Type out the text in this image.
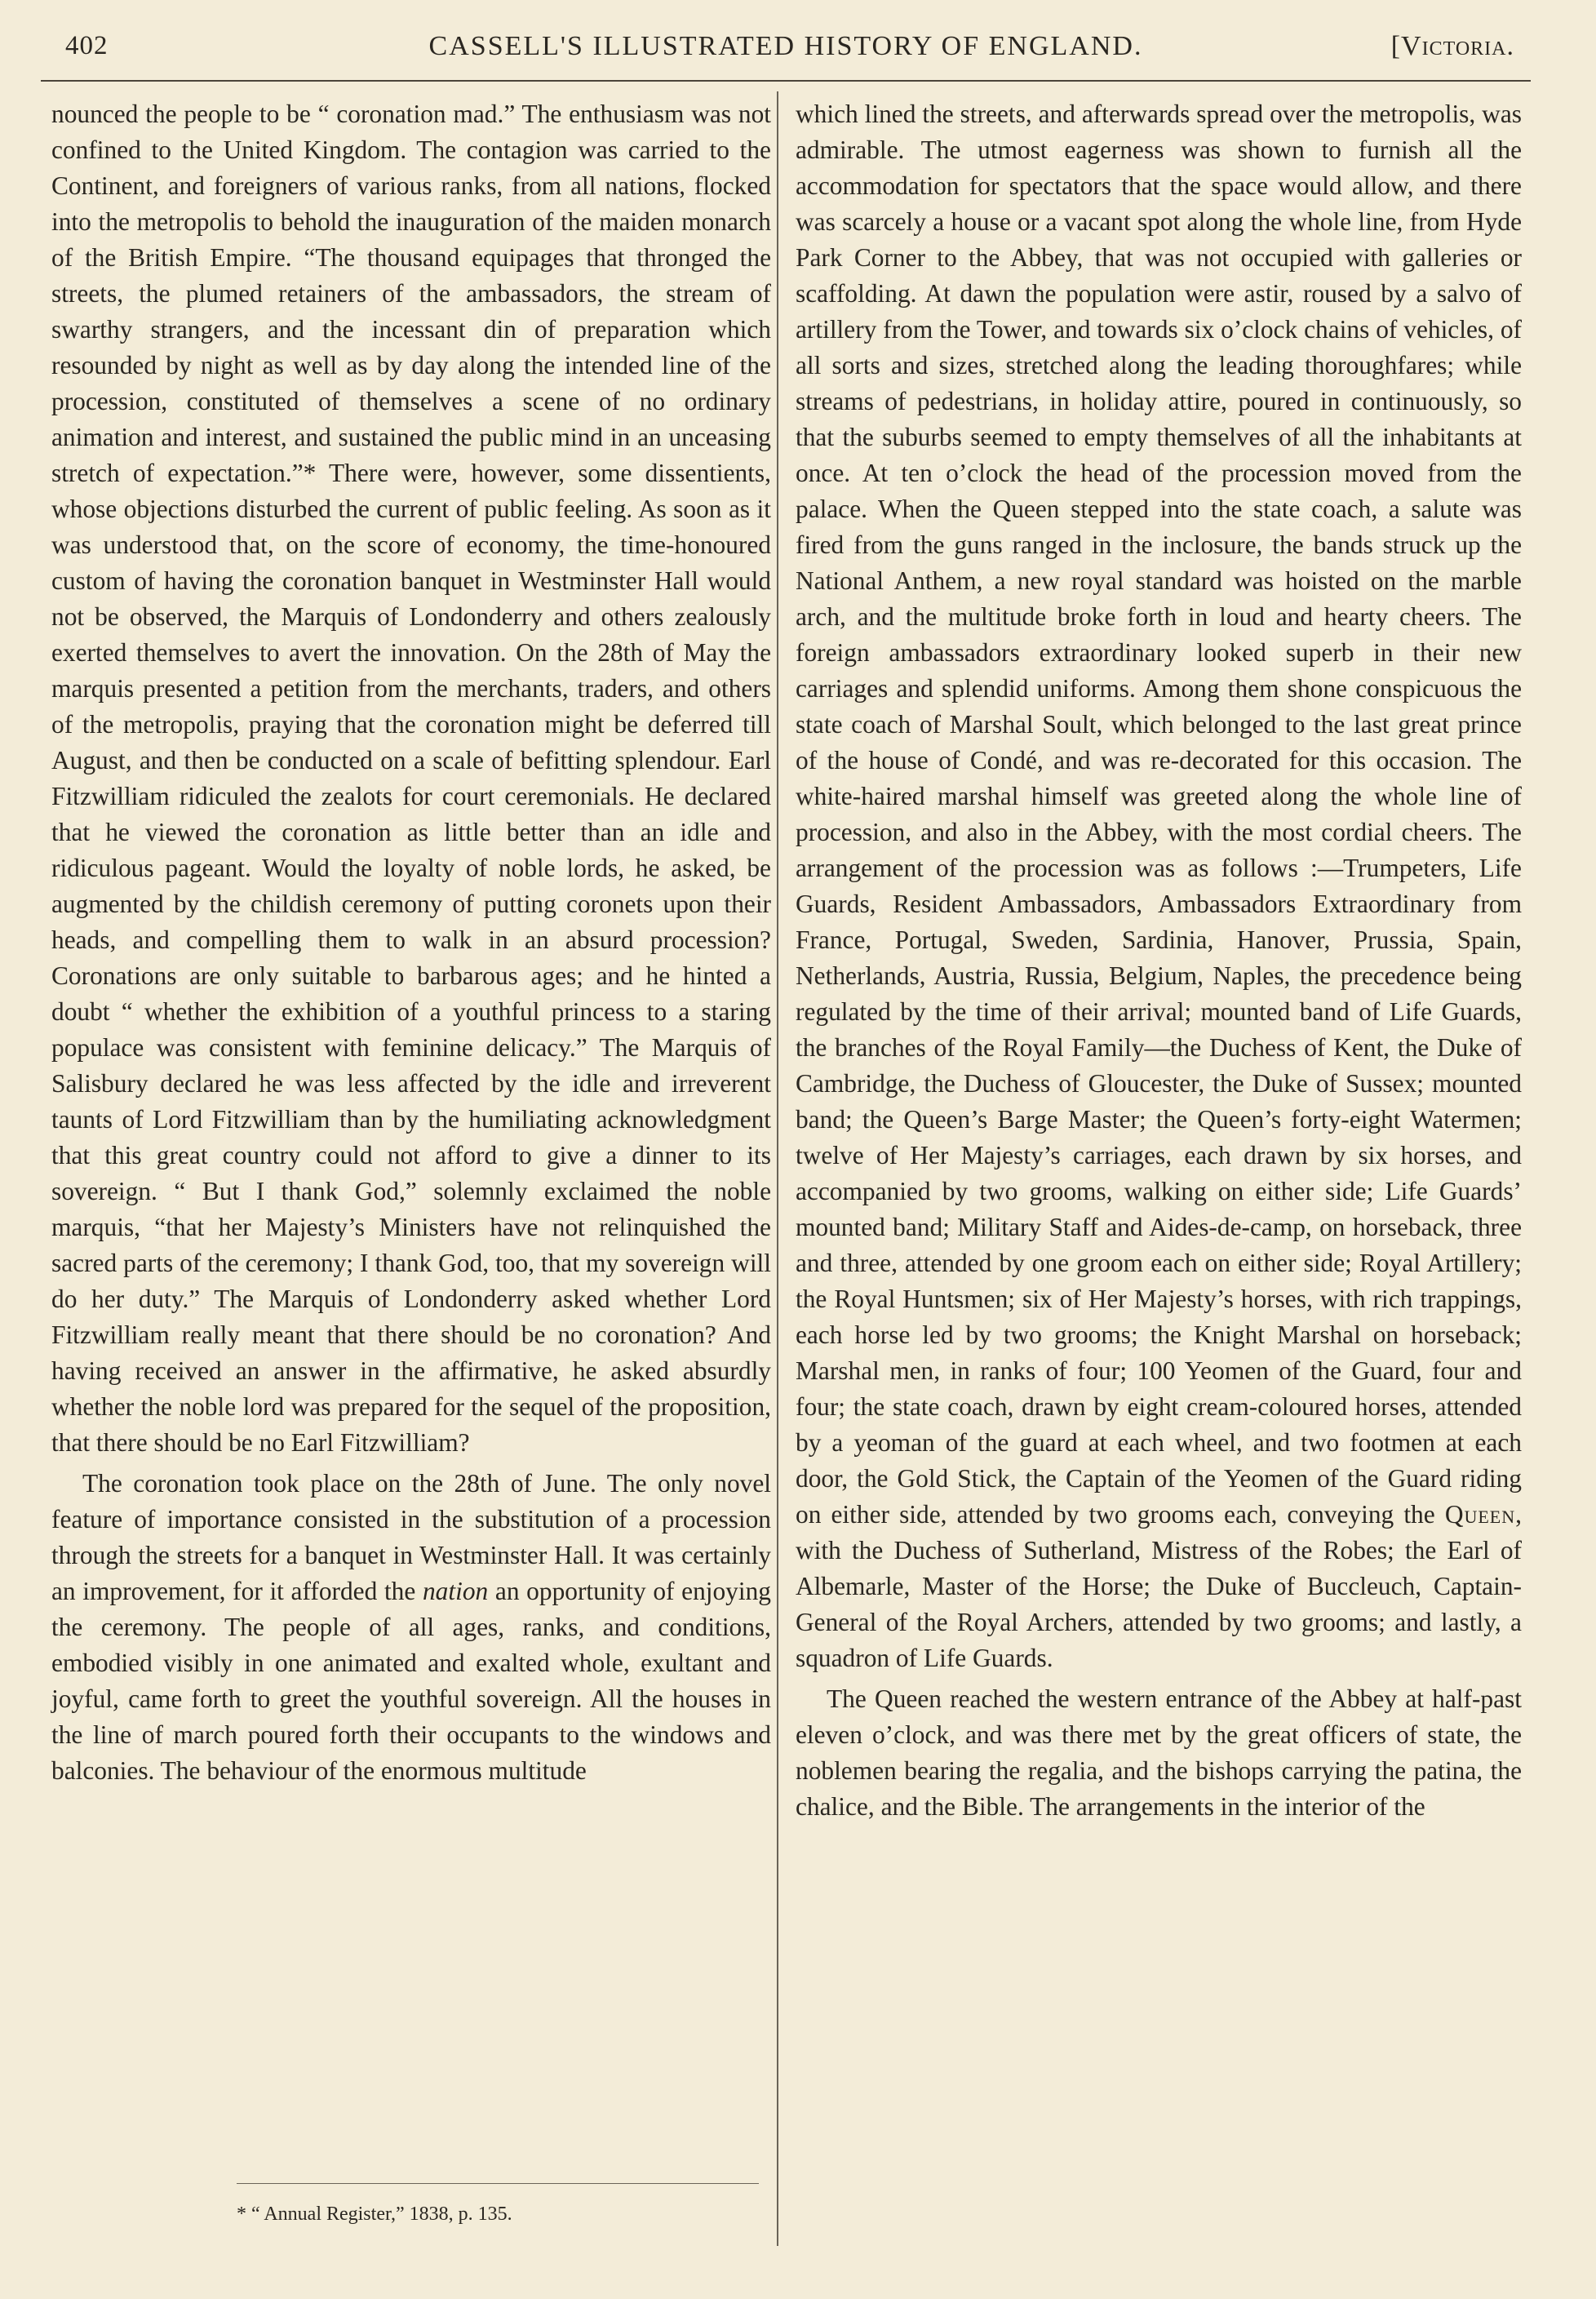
402	CASSELL'S ILLUSTRATED HISTORY OF ENGLAND.	[Victoria.

nounced the people to be “ coronation mad.” The enthusiasm was not confined to the United Kingdom. The contagion was carried to the Continent, and foreigners of various ranks, from all nations, flocked into the metropolis to behold the inauguration of the maiden monarch of the British Empire. “The thousand equipages that thronged the streets, the plumed retainers of the ambassadors, the stream of swarthy strangers, and the incessant din of preparation which resounded by night as well as by day along the intended line of the procession, constituted of themselves a scene of no ordinary animation and interest, and sustained the public mind in an unceasing stretch of expectation.”* There were, however, some dissentients, whose objections disturbed the current of public feeling. As soon as it was understood that, on the score of economy, the time-honoured custom of having the coronation banquet in Westminster Hall would not be observed, the Marquis of Londonderry and others zealously exerted themselves to avert the innovation. On the 28th of May the marquis presented a petition from the merchants, traders, and others of the metropolis, praying that the coronation might be deferred till August, and then be conducted on a scale of befitting splendour. Earl Fitzwilliam ridiculed the zealots for court ceremonials. He declared that he viewed the coronation as little better than an idle and ridiculous pageant. Would the loyalty of noble lords, he asked, be augmented by the childish ceremony of putting coronets upon their heads, and compelling them to walk in an absurd procession? Coronations are only suitable to barbarous ages; and he hinted a doubt “ whether the exhibition of a youthful princess to a staring populace was consistent with feminine delicacy.” The Marquis of Salisbury declared he was less affected by the idle and irreverent taunts of Lord Fitzwilliam than by the humiliating acknowledgment that this great country could not afford to give a dinner to its sovereign. “ But I thank God,” solemnly exclaimed the noble marquis, “that her Majesty’s Ministers have not relinquished the sacred parts of the ceremony; I thank God, too, that my sovereign will do her duty.” The Marquis of Londonderry asked whether Lord Fitzwilliam really meant that there should be no coronation? And having received an answer in the affirmative, he asked absurdly whether the noble lord was prepared for the sequel of the proposition, that there should be no Earl Fitzwilliam?

The coronation took place on the 28th of June. The only novel feature of importance consisted in the substitution of a procession through the streets for a banquet in Westminster Hall. It was certainly an improvement, for it afforded the nation an opportunity of enjoying the ceremony. The people of all ages, ranks, and conditions, embodied visibly in one animated and exalted whole, exultant and joyful, came forth to greet the youthful sovereign. All the houses in the line of march poured forth their occupants to the windows and balconies. The behaviour of the enormous multitude

which lined the streets, and afterwards spread over the metropolis, was admirable. The utmost eagerness was shown to furnish all the accommodation for spectators that the space would allow, and there was scarcely a house or a vacant spot along the whole line, from Hyde Park Corner to the Abbey, that was not occupied with galleries or scaffolding. At dawn the population were astir, roused by a salvo of artillery from the Tower, and towards six o’clock chains of vehicles, of all sorts and sizes, stretched along the leading thoroughfares; while streams of pedestrians, in holiday attire, poured in continuously, so that the suburbs seemed to empty themselves of all the inhabitants at once. At ten o’clock the head of the procession moved from the palace. When the Queen stepped into the state coach, a salute was fired from the guns ranged in the inclosure, the bands struck up the National Anthem, a new royal standard was hoisted on the marble arch, and the multitude broke forth in loud and hearty cheers. The foreign ambassadors extraordinary looked superb in their new carriages and splendid uniforms. Among them shone conspicuous the state coach of Marshal Soult, which belonged to the last great prince of the house of Condé, and was re-decorated for this occasion. The white-haired marshal himself was greeted along the whole line of procession, and also in the Abbey, with the most cordial cheers. The arrangement of the procession was as follows :—Trumpeters, Life Guards, Resident Ambassadors, Ambassadors Extraordinary from France, Portugal, Sweden, Sardinia, Hanover, Prussia, Spain, Netherlands, Austria, Russia, Belgium, Naples, the precedence being regulated by the time of their arrival; mounted band of Life Guards, the branches of the Royal Family—the Duchess of Kent, the Duke of Cambridge, the Duchess of Gloucester, the Duke of Sussex; mounted band; the Queen’s Barge Master; the Queen’s forty-eight Watermen; twelve of Her Majesty’s carriages, each drawn by six horses, and accompanied by two grooms, walking on either side; Life Guards’ mounted band; Military Staff and Aides-de-camp, on horseback, three and three, attended by one groom each on either side; Royal Artillery; the Royal Huntsmen; six of Her Majesty’s horses, with rich trappings, each horse led by two grooms; the Knight Marshal on horseback; Marshal men, in ranks of four; 100 Yeomen of the Guard, four and four; the state coach, drawn by eight cream-coloured horses, attended by a yeoman of the guard at each wheel, and two footmen at each door, the Gold Stick, the Captain of the Yeomen of the Guard riding on either side, attended by two grooms each, conveying the Queen, with the Duchess of Sutherland, Mistress of the Robes; the Earl of Albemarle, Master of the Horse; the Duke of Buccleuch, Captain-General of the Royal Archers, attended by two grooms; and lastly, a squadron of Life Guards.

The Queen reached the western entrance of the Abbey at half-past eleven o’clock, and was there met by the great officers of state, the noblemen bearing the regalia, and the bishops carrying the patina, the chalice, and the Bible. The arrangements in the interior of the

* “ Annual Register,” 1838, p. 135.
